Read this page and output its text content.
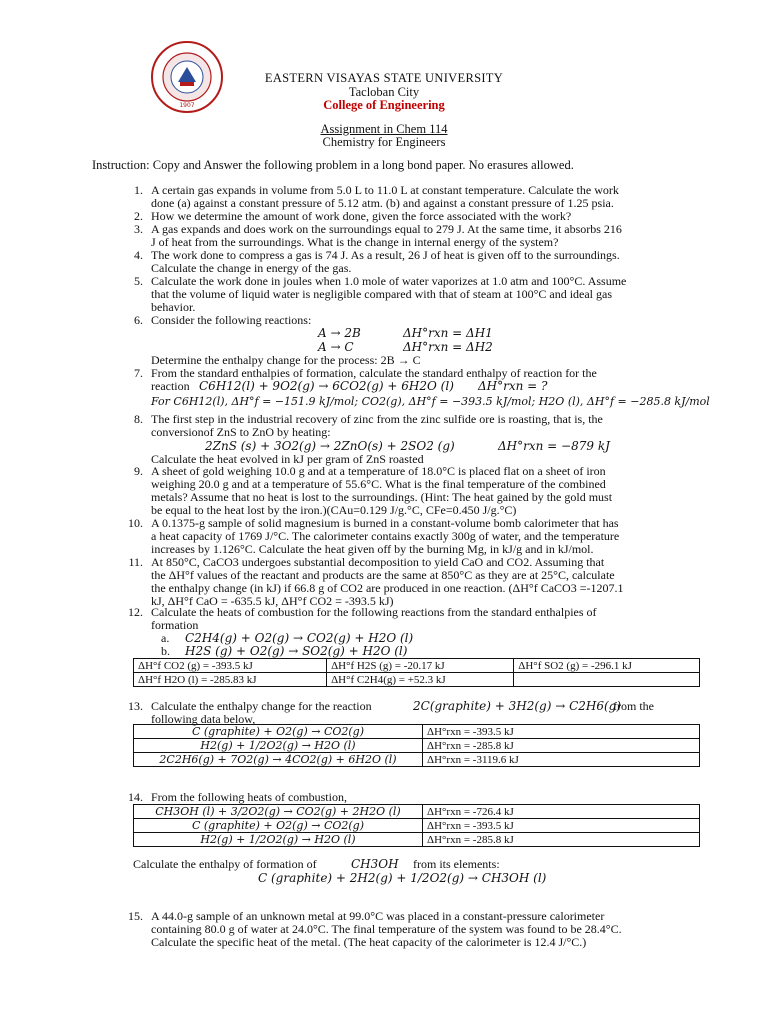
1907
EASTERN VISAYAS STATE UNIVERSITY
Tacloban City
College of Engineering
Assignment in Chem 114
Chemistry for Engineers
Instruction: Copy and Answer the following problem in a long bond paper. No erasures allowed.
1. A certain gas expands in volume from 5.0 L to 11.0 L at constant temperature. Calculate the work
done (a) against a constant pressure of 5.12 atm. (b) and against a constant pressure of 1.25 psia.
2. How we determine the amount of work done, given the force associated with the work?
3. A gas expands and does work on the surroundings equal to 279 J. At the same time, it absorbs 216
J of heat from the surroundings. What is the change in internal energy of the system?
4. The work done to compress a gas is 74 J. As a result, 26 J of heat is given off to the surroundings.
Calculate the change in energy of the gas.
5. Calculate the work done in joules when 1.0 mole of water vaporizes at 1.0 atm and 100°C. Assume
that the volume of liquid water is negligible compared with that of steam at 100°C and ideal gas
behavior.
6. Consider the following reactions:
A → 2B	ΔH°rxn = ΔH1
A → C	ΔH°rxn = ΔH2
Determine the enthalpy change for the process: 2B → C
7. From the standard enthalpies of formation, calculate the standard enthalpy of reaction for the
reaction C6H12(l) + 9O2(g) → 6CO2(g) + 6H2O (l) ΔH°rxn = ?
For C6H12(l), ΔH°f = −151.9 kJ/mol; CO2(g), ΔH°f = −393.5 kJ/mol; H2O (l), ΔH°f = −285.8 kJ/mol
8. The first step in the industrial recovery of zinc from the zinc sulfide ore is roasting, that is, the
conversionof ZnS to ZnO by heating:
2ZnS (s) + 3O2(g) → 2ZnO(s) + 2SO2 (g)	ΔH°rxn = −879 kJ
Calculate the heat evolved in kJ per gram of ZnS roasted
9. A sheet of gold weighing 10.0 g and at a temperature of 18.0°C is placed flat on a sheet of iron
weighing 20.0 g and at a temperature of 55.6°C. What is the final temperature of the combined
metals? Assume that no heat is lost to the surroundings. (Hint: The heat gained by the gold must
be equal to the heat lost by the iron.)(CAu=0.129 J/g.°C, CFe=0.450 J/g.°C)
10. A 0.1375-g sample of solid magnesium is burned in a constant-volume bomb calorimeter that has
a heat capacity of 1769 J/°C. The calorimeter contains exactly 300g of water, and the temperature
increases by 1.126°C. Calculate the heat given off by the burning Mg, in kJ/g and in kJ/mol.
11. At 850°C, CaCO3 undergoes substantial decomposition to yield CaO and CO2. Assuming that
the ΔH°f values of the reactant and products are the same at 850°C as they are at 25°C, calculate
the enthalpy change (in kJ) if 66.8 g of CO2 are produced in one reaction. (ΔH°f CaCO3 =-1207.1
kJ, ΔH°f CaO = -635.5 kJ, ΔH°f CO2 = -393.5 kJ)
12. Calculate the heats of combustion for the following reactions from the standard enthalpies of
formation
a. C2H4(g) + O2(g) → CO2(g) + H2O (l)
b. H2S (g) + O2(g) → SO2(g) + H2O (l)
ΔH°f CO2 (g) = -393.5 kJ	ΔH°f H2S (g) = -20.17 kJ	ΔH°f SO2 (g) = -296.1 kJ
ΔH°f H2O (l) = -285.83 kJ	ΔH°f C2H4(g) = +52.3 kJ	
13. Calculate the enthalpy change for the reaction	2C(graphite) + 3H2(g) → C2H6(g)
from the
following data below,
C (graphite) + O2(g) → CO2(g)	ΔH°rxn = -393.5 kJ
H2(g) + 1/2O2(g) → H2O (l)	ΔH°rxn = -285.8 kJ
2C2H6(g) + 7O2(g) → 4CO2(g) + 6H2O (l)	ΔH°rxn = -3119.6 kJ
14. From the following heats of combustion,
CH3OH (l) + 3/2O2(g) → CO2(g) + 2H2O (l)	ΔH°rxn = -726.4 kJ
C (graphite) + O2(g) → CO2(g)	ΔH°rxn = -393.5 kJ
H2(g) + 1/2O2(g) → H2O (l)	ΔH°rxn = -285.8 kJ
Calculate the enthalpy of formation of	CH3OH from its elements:
C (graphite) + 2H2(g) + 1/2O2(g) → CH3OH (l)
15. A 44.0-g sample of an unknown metal at 99.0°C was placed in a constant-pressure calorimeter
containing 80.0 g of water at 24.0°C. The final temperature of the system was found to be 28.4°C.
Calculate the specific heat of the metal. (The heat capacity of the calorimeter is 12.4 J/°C.)
